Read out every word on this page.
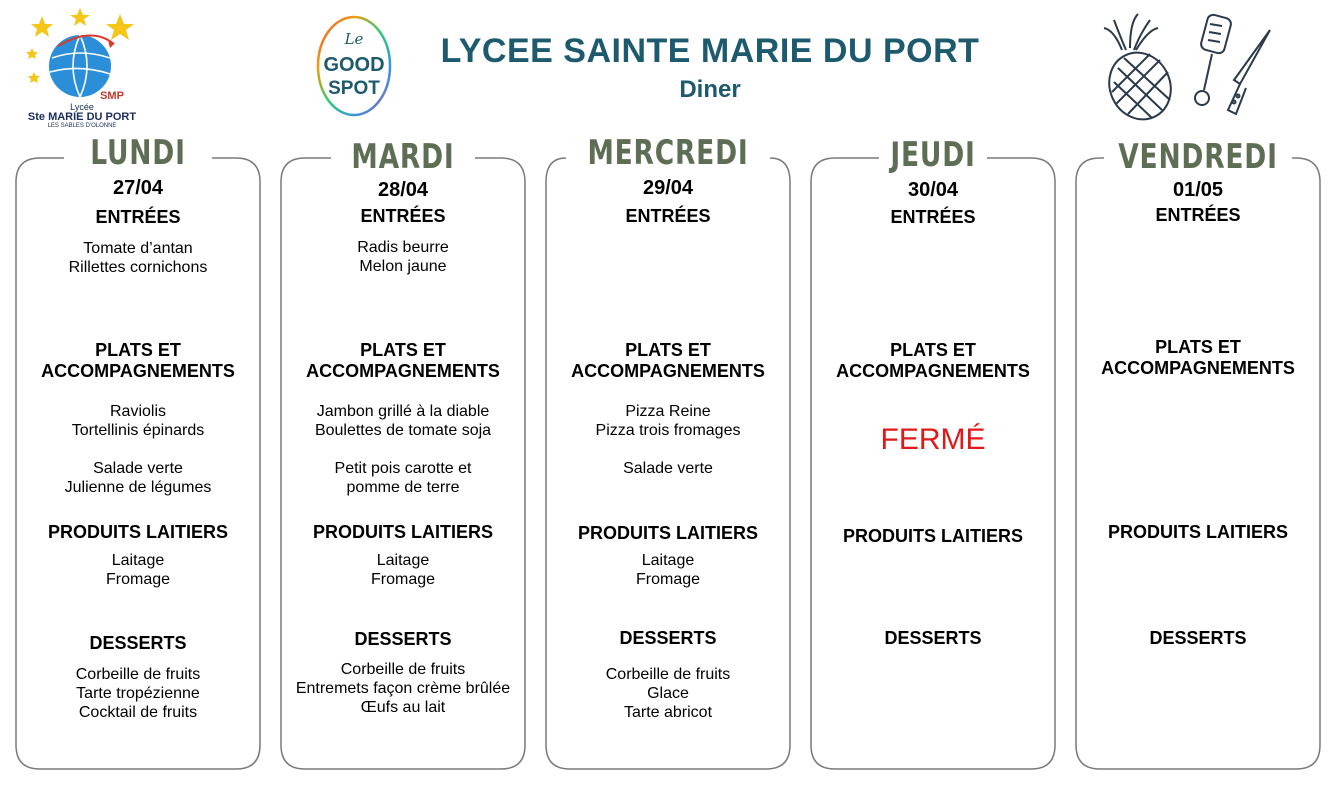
SMP
Lycée
Ste MARIE DU PORT
LES SABLES D'OLONNE
Le
GOOD
SPOT
LYCEE SAINTE MARIE DU PORT
Diner
LUNDI
27/04
ENTRÉES
Tomate d’antan
Rillettes cornichons
PLATS ET
ACCOMPAGNEMENTS
Raviolis
Tortellinis épinards
Salade verte
Julienne de légumes
PRODUITS LAITIERS
Laitage
Fromage
DESSERTS
Corbeille de fruits
Tarte tropézienne
Cocktail de fruits
MARDI
28/04
ENTRÉES
Radis beurre
Melon jaune
PLATS ET
ACCOMPAGNEMENTS
Jambon grillé à la diable
Boulettes de tomate soja
Petit pois carotte et
pomme de terre
PRODUITS LAITIERS
Laitage
Fromage
DESSERTS
Corbeille de fruits
Entremets façon crème brûlée
Œufs au lait
MERCREDI
29/04
ENTRÉES
PLATS ET
ACCOMPAGNEMENTS
Pizza Reine
Pizza trois fromages
Salade verte
PRODUITS LAITIERS
Laitage
Fromage
DESSERTS
Corbeille de fruits
Glace
Tarte abricot
JEUDI
30/04
ENTRÉES
PLATS ET
ACCOMPAGNEMENTS
FERMÉ
PRODUITS LAITIERS
DESSERTS
VENDREDI
01/05
ENTRÉES
PLATS ET
ACCOMPAGNEMENTS
PRODUITS LAITIERS
DESSERTS
